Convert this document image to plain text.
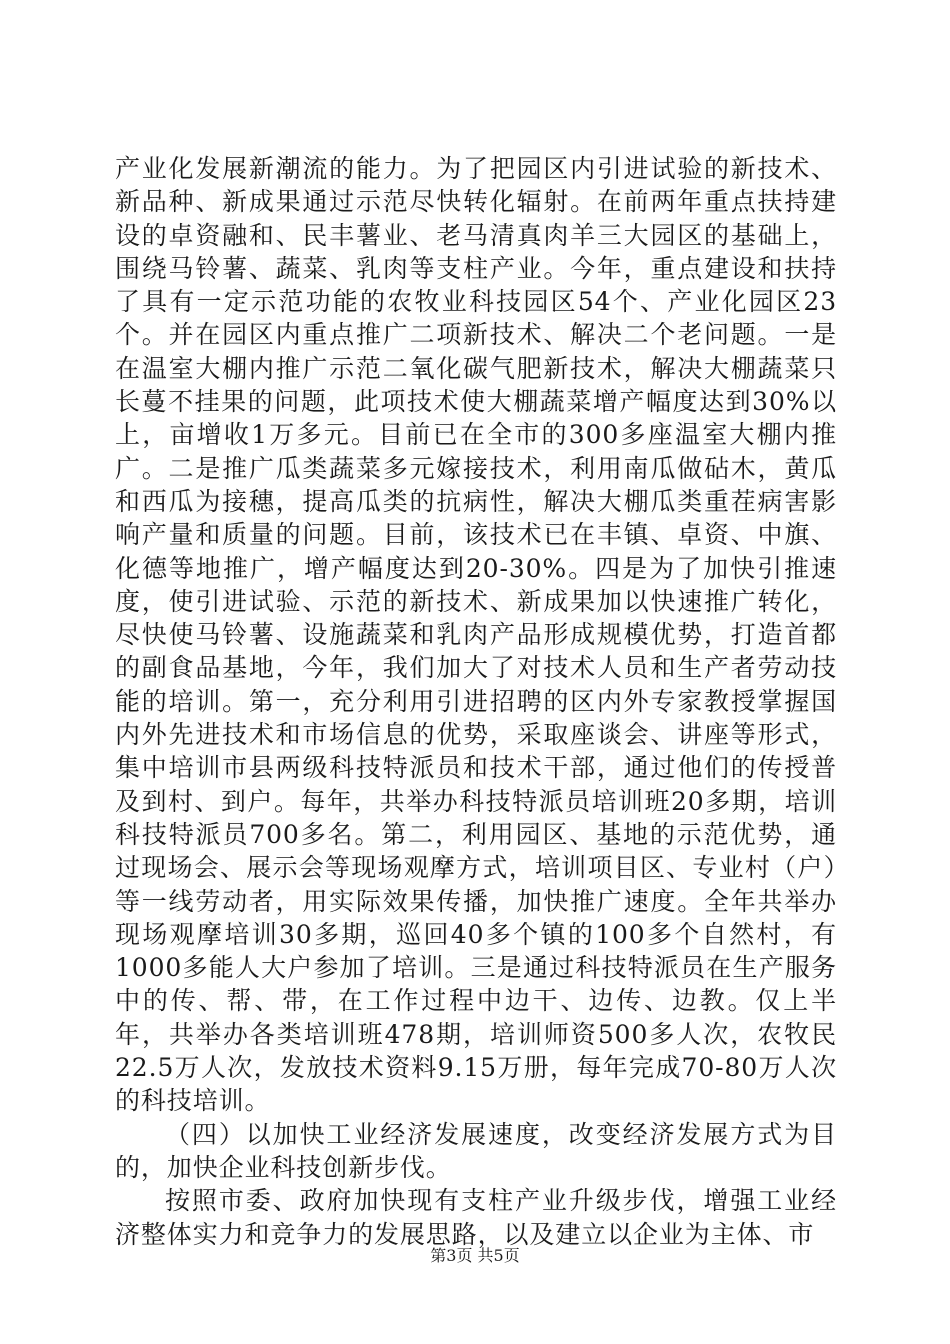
产业化发展新潮流的能力。为了把园区内引进试验的新技术、新品种、新成果通过示范尽快转化辐射。在前两年重点扶持建设的卓资融和、民丰薯业、老马清真肉羊三大园区的基础上，围绕马铃薯、蔬菜、乳肉等支柱产业。今年，重点建设和扶持了具有一定示范功能的农牧业科技园区54个、产业化园区23个。并在园区内重点推广二项新技术、解决二个老问题。一是在温室大棚内推广示范二氧化碳气肥新技术，解决大棚蔬菜只长蔓不挂果的问题，此项技术使大棚蔬菜增产幅度达到30%以上，亩增收1万多元。目前已在全市的300多座温室大棚内推广。二是推广瓜类蔬菜多元嫁接技术，利用南瓜做砧木，黄瓜和西瓜为接穗，提高瓜类的抗病性，解决大棚瓜类重茬病害影响产量和质量的问题。目前，该技术已在丰镇、卓资、中旗、化德等地推广，增产幅度达到20-30%。四是为了加快引推速度，使引进试验、示范的新技术、新成果加以快速推广转化，尽快使马铃薯、设施蔬菜和乳肉产品形成规模优势，打造首都的副食品基地，今年，我们加大了对技术人员和生产者劳动技能的培训。第一，充分利用引进招聘的区内外专家教授掌握国内外先进技术和市场信息的优势，采取座谈会、讲座等形式，集中培训市县两级科技特派员和技术干部，通过他们的传授普及到村、到户。每年，共举办科技特派员培训班20多期，培训科技特派员700多名。第二，利用园区、基地的示范优势，通过现场会、展示会等现场观摩方式，培训项目区、专业村（户）等一线劳动者，用实际效果传播，加快推广速度。全年共举办现场观摩培训30多期，巡回40多个镇的100多个自然村，有1000多能人大户参加了培训。三是通过科技特派员在生产服务中的传、帮、带，在工作过程中边干、边传、边教。仅上半年，共举办各类培训班478期，培训师资500多人次，农牧民22.5万人次，发放技术资料9.15万册，每年完成70-80万人次的科技培训。

（四）以加快工业经济发展速度，改变经济发展方式为目的，加快企业科技创新步伐。

按照市委、政府加快现有支柱产业升级步伐，增强工业经济整体实力和竞争力的发展思路，以及建立以企业为主体、市

第3页 共5页
